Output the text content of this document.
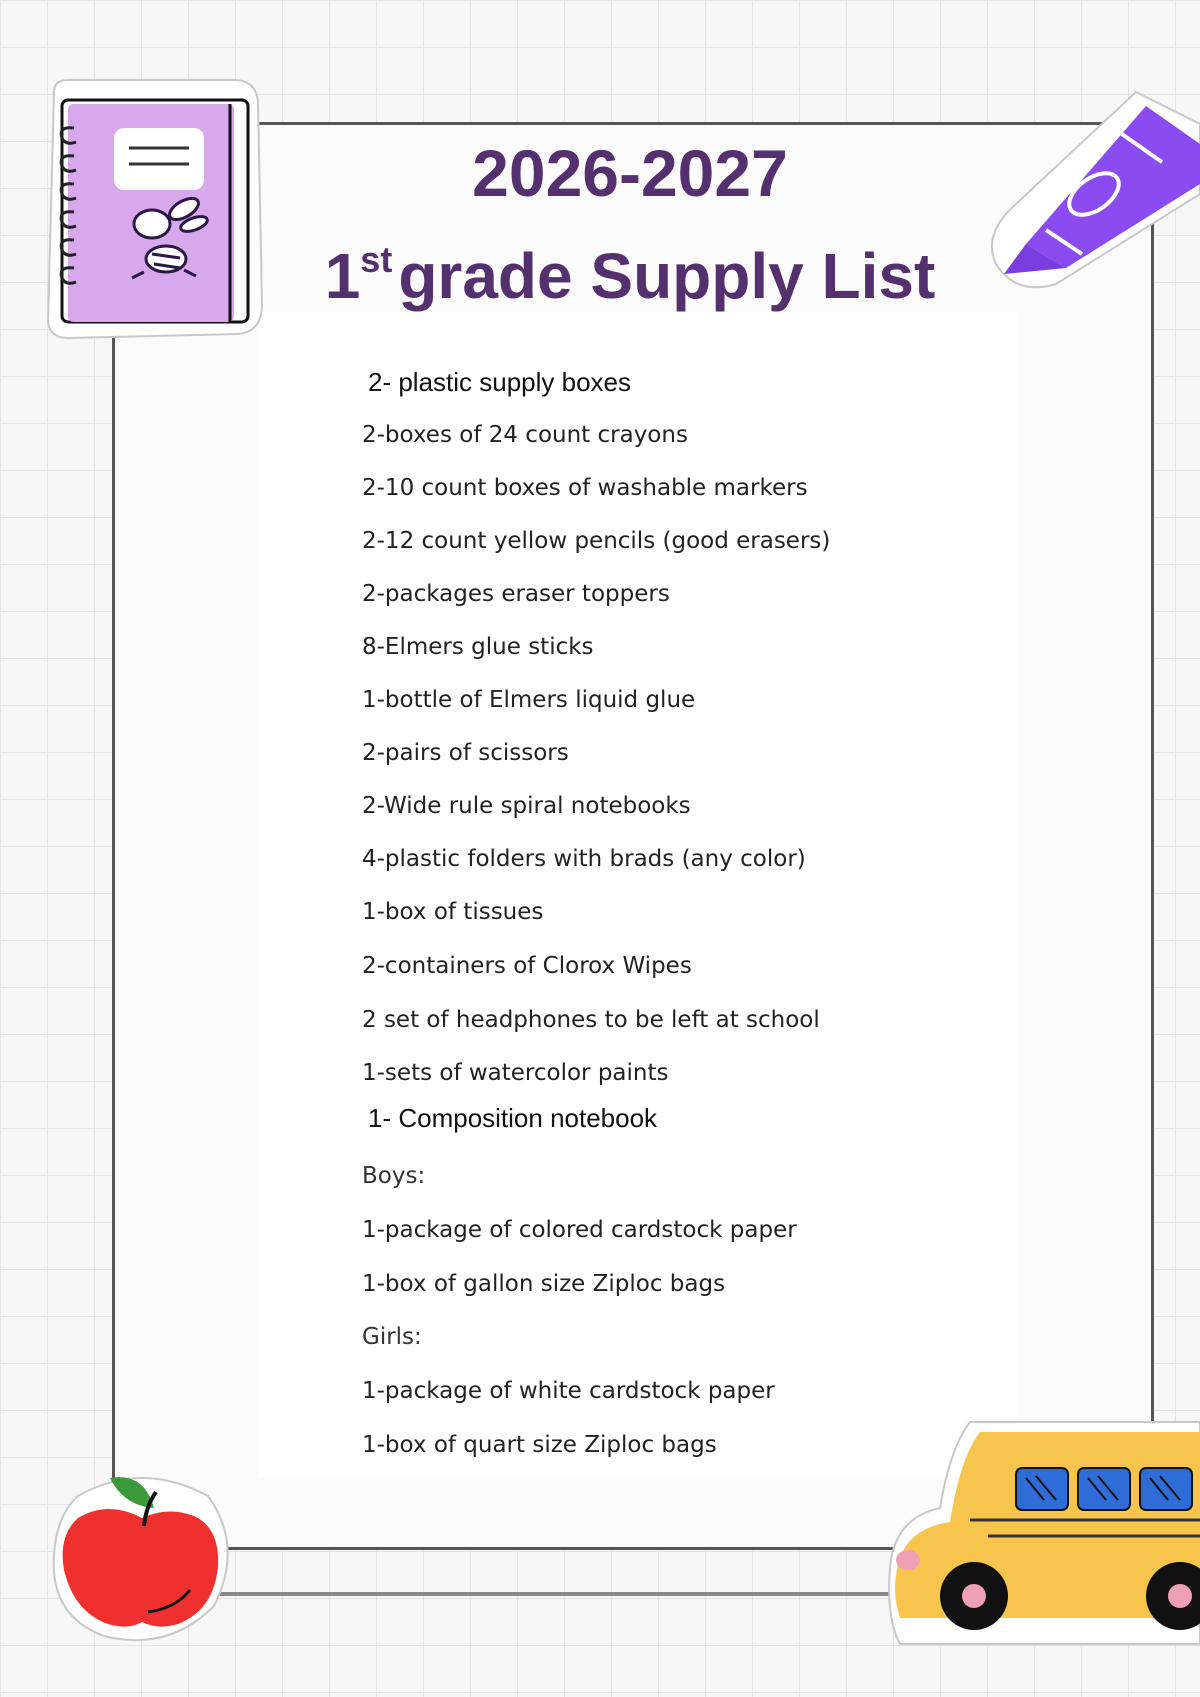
2026-2027
1stgrade Supply List
2- plastic supply boxes
2-boxes of 24 count crayons
2-10 count boxes of washable markers
2-12 count yellow pencils (good erasers)
2-packages eraser toppers
8-Elmers glue sticks
1-bottle of Elmers liquid glue
2-pairs of scissors
2-Wide rule spiral notebooks
4-plastic folders with brads (any color)
1-box of tissues
2-containers of Clorox Wipes
2 set of headphones to be left at school
1-sets of watercolor paints
1- Composition notebook
Boys:
1-package of colored cardstock paper
1-box of gallon size Ziploc bags
Girls:
1-package of white cardstock paper
1-box of quart size Ziploc bags
